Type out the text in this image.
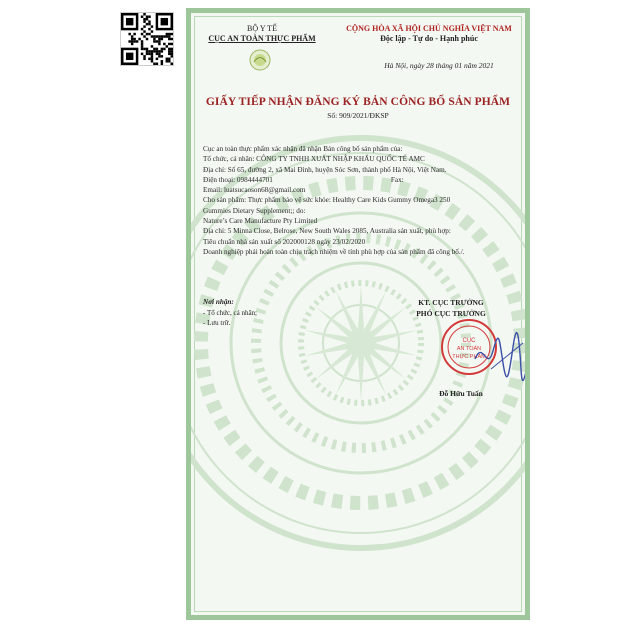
BỘ Y TẾ
CỤC AN TOÀN THỰC PHẨM
CỘNG HÒA XÃ HỘI CHỦ NGHĨA VIỆT NAM
Độc lập - Tự do - Hạnh phúc
Hà Nội, ngày 28 tháng 01 năm 2021
GIẤY TIẾP NHẬN ĐĂNG KÝ BẢN CÔNG BỐ SẢN PHẨM
Số: 909/2021/ĐKSP
Cục an toàn thực phẩm xác nhận đã nhận Bản công bố sản phẩm của:
Tổ chức, cá nhân: CÔNG TY TNHH XUẤT NHẬP KHẨU QUỐC TẾ AMC
Địa chỉ: Số 65, đường 2, xã Mai Đình, huyện Sóc Sơn, thành phố Hà Nội, Việt Nam.
Điện thoại: 0984444701	Fax:
Email: luatsucaoson68@gmail.com
Cho sản phẩm: Thực phẩm bảo vệ sức khỏe: Healthy Care Kids Gummy Omega3 250
Gummies Dietary Supplement;; do:
Nature’s Care Manufacture Pty Limited
Địa chỉ: 5 Minna Close, Belrose, New South Wales 2085, Australia sản xuất, phù hợp:
Tiêu chuẩn nhà sản xuất số 202000128 ngày 23/02/2020
Doanh nghiệp phải hoàn toàn chịu trách nhiệm về tính phù hợp của sản phẩm đã công bố./.
Nơi nhận:
- Tổ chức, cá nhân;
- Lưu trữ.
KT. CỤC TRƯỞNG
PHÓ CỤC TRƯỞNG
CỤC
AN TOÀN
THỰC PHẨM
Đỗ Hữu Tuấn
